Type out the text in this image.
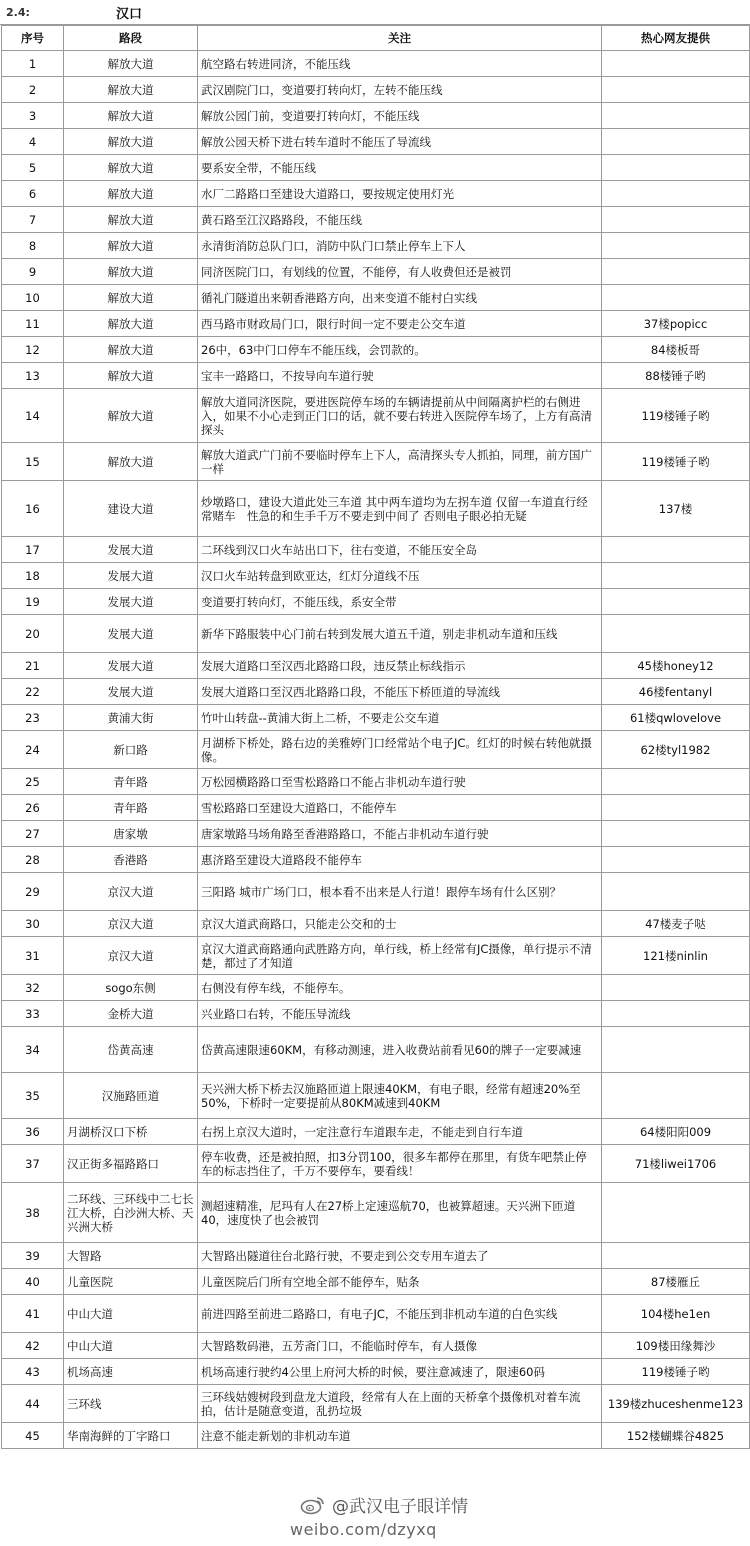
2.4:	汉口
序号	路段	关注	热心网友提供
1	解放大道	航空路右转进同济，不能压线	
2	解放大道	武汉剧院门口，变道要打转向灯，左转不能压线	
3	解放大道	解放公园门前，变道要打转向灯，不能压线	
4	解放大道	解放公园天桥下进右转车道时不能压了导流线	
5	解放大道	要系安全带，不能压线	
6	解放大道	水厂二路路口至建设大道路口，要按规定使用灯光	
7	解放大道	黄石路至江汉路路段，不能压线	
8	解放大道	永清街消防总队门口，消防中队门口禁止停车上下人	
9	解放大道	同济医院门口，有划线的位置，不能停，有人收费但还是被罚	
10	解放大道	循礼门隧道出来朝香港路方向，出来变道不能村白实线	
11	解放大道	西马路市财政局门口，限行时间一定不要走公交车道	37楼popicc
12	解放大道	26中，63中门口停车不能压线，会罚款的。	84楼板哥
13	解放大道	宝丰一路路口，不按导向车道行驶	88楼锤子哟
14	解放大道	解放大道同济医院，要进医院停车场的车辆请提前从中间隔离护栏的右侧进入，如果不小心走到正门口的话，就不要右转进入医院停车场了，上方有高清探头	119楼锤子哟
15	解放大道	解放大道武广门前不要临时停车上下人，高清探头专人抓拍，同理，前方国广一样	119楼锤子哟
16	建设大道	炒墩路口，建设大道此处三车道 其中两车道均为左拐车道 仅留一车道直行经常赌车　性急的和生手千万不要走到中间了 否则电子眼必拍无疑	137楼
17	发展大道	二环线到汉口火车站出口下，往右变道，不能压安全岛	
18	发展大道	汉口火车站转盘到欧亚达，红灯分道线不压	
19	发展大道	变道要打转向灯，不能压线，系安全带	
20	发展大道	新华下路服装中心门前右转到发展大道五千道，别走非机动车道和压线	
21	发展大道	发展大道路口至汉西北路路口段，违反禁止标线指示	45楼honey12
22	发展大道	发展大道路口至汉西北路路口段，不能压下桥匝道的导流线	46楼fentanyl
23	黄浦大街	竹叶山转盘--黄浦大街上二桥，不要走公交车道	61楼qwlovelove
24	新口路	月湖桥下桥处，路右边的美雅婷门口经常站个电子JC。红灯的时候右转他就摄像。	62楼tyl1982
25	青年路	万松园横路路口至雪松路路口不能占非机动车道行驶	
26	青年路	雪松路路口至建设大道路口，不能停车	
27	唐家墩	唐家墩路马场角路至香港路路口，不能占非机动车道行驶	
28	香港路	惠济路至建设大道路段不能停车	
29	京汉大道	三阳路 城市广场门口，根本看不出来是人行道！跟停车场有什么区别？	
30	京汉大道	京汉大道武商路口，只能走公交和的士	47楼麦子哒
31	京汉大道	京汉大道武商路通向武胜路方向，单行线，桥上经常有JC摄像，单行提示不清楚，都过了才知道	121楼ninlin
32	sogo东侧	右侧没有停车线，不能停车。	
33	金桥大道	兴业路口右转，不能压导流线	
34	岱黄高速	岱黄高速限速60KM，有移动测速，进入收费站前看见60的牌子一定要减速	
35	汉施路匝道	天兴洲大桥下桥去汉施路匝道上限速40KM，有电子眼，经常有超速20%至50%，下桥时一定要提前从80KM减速到40KM	
36	月湖桥汉口下桥	右拐上京汉大道时，一定注意行车道跟车走，不能走到自行车道	64楼阳阳009
37	汉正街多福路路口	停车收费，还是被拍照，扣3分罚100，很多车都停在那里，有货车吧禁止停车的标志挡住了，千万不要停车，要看线！	71楼liwei1706
38	二环线、三环线中二七长江大桥，白沙洲大桥、天兴洲大桥	测超速精准，尼玛有人在27桥上定速巡航70，也被算超速。天兴洲下匝道40，速度快了也会被罚	
39	大智路	大智路出隧道往台北路行驶，不要走到公交专用车道去了	
40	儿童医院	儿童医院后门所有空地全部不能停车，贴条	87楼雁丘
41	中山大道	前进四路至前进二路路口，有电子JC，不能压到非机动车道的白色实线	104楼he1en
42	中山大道	大智路数码港，五芳斋门口，不能临时停车，有人摄像	109楼田缘舞沙
43	机场高速	机场高速行驶约4公里上府河大桥的时候，要注意减速了，限速60码	119楼锤子哟
44	三环线	三环线姑嫂树段到盘龙大道段，经常有人在上面的天桥拿个摄像机对着车流拍，估计是随意变道，乱扔垃圾	139楼zhuceshenme123
45	华南海鲜的丁字路口	注意不能走新划的非机动车道	152楼蝴蝶谷4825
@武汉电子眼详情
weibo.com/dzyxq
